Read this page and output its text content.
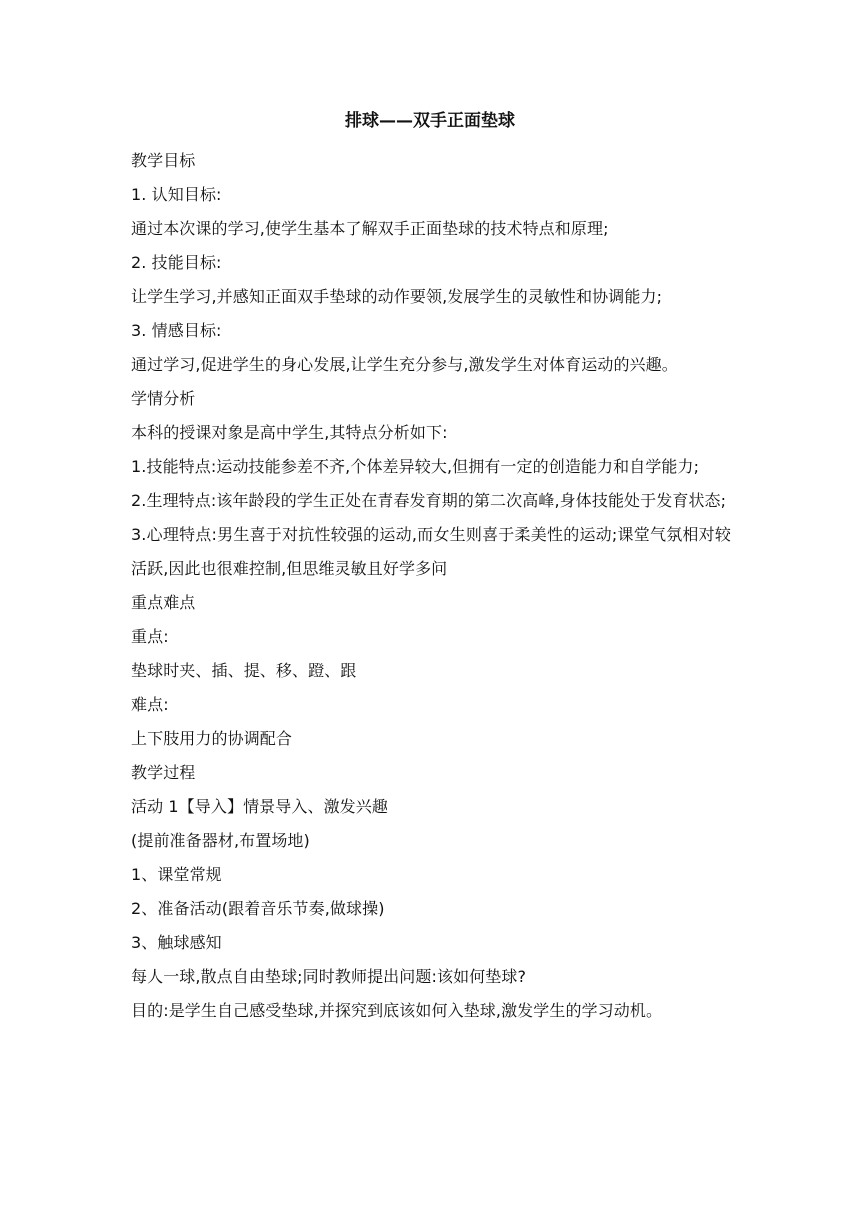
排球——双手正面垫球

教学目标

1. 认知目标:

通过本次课的学习,使学生基本了解双手正面垫球的技术特点和原理;

2. 技能目标:

让学生学习,并感知正面双手垫球的动作要领,发展学生的灵敏性和协调能力;

3. 情感目标:

通过学习,促进学生的身心发展,让学生充分参与,激发学生对体育运动的兴趣。

学情分析

本科的授课对象是高中学生,其特点分析如下:

1.技能特点:运动技能参差不齐,个体差异较大,但拥有一定的创造能力和自学能力;

2.生理特点:该年龄段的学生正处在青春发育期的第二次高峰,身体技能处于发育状态;

3.心理特点:男生喜于对抗性较强的运动,而女生则喜于柔美性的运动;课堂气氛相对较活跃,因此也很难控制,但思维灵敏且好学多问

重点难点

重点:

垫球时夹、插、提、移、蹬、跟

难点:

上下肢用力的协调配合

教学过程

活动 1【导入】情景导入、激发兴趣

(提前准备器材,布置场地)

1、课堂常规

2、准备活动(跟着音乐节奏,做球操)

3、触球感知

每人一球,散点自由垫球;同时教师提出问题:该如何垫球?

目的:是学生自己感受垫球,并探究到底该如何入垫球,激发学生的学习动机。
